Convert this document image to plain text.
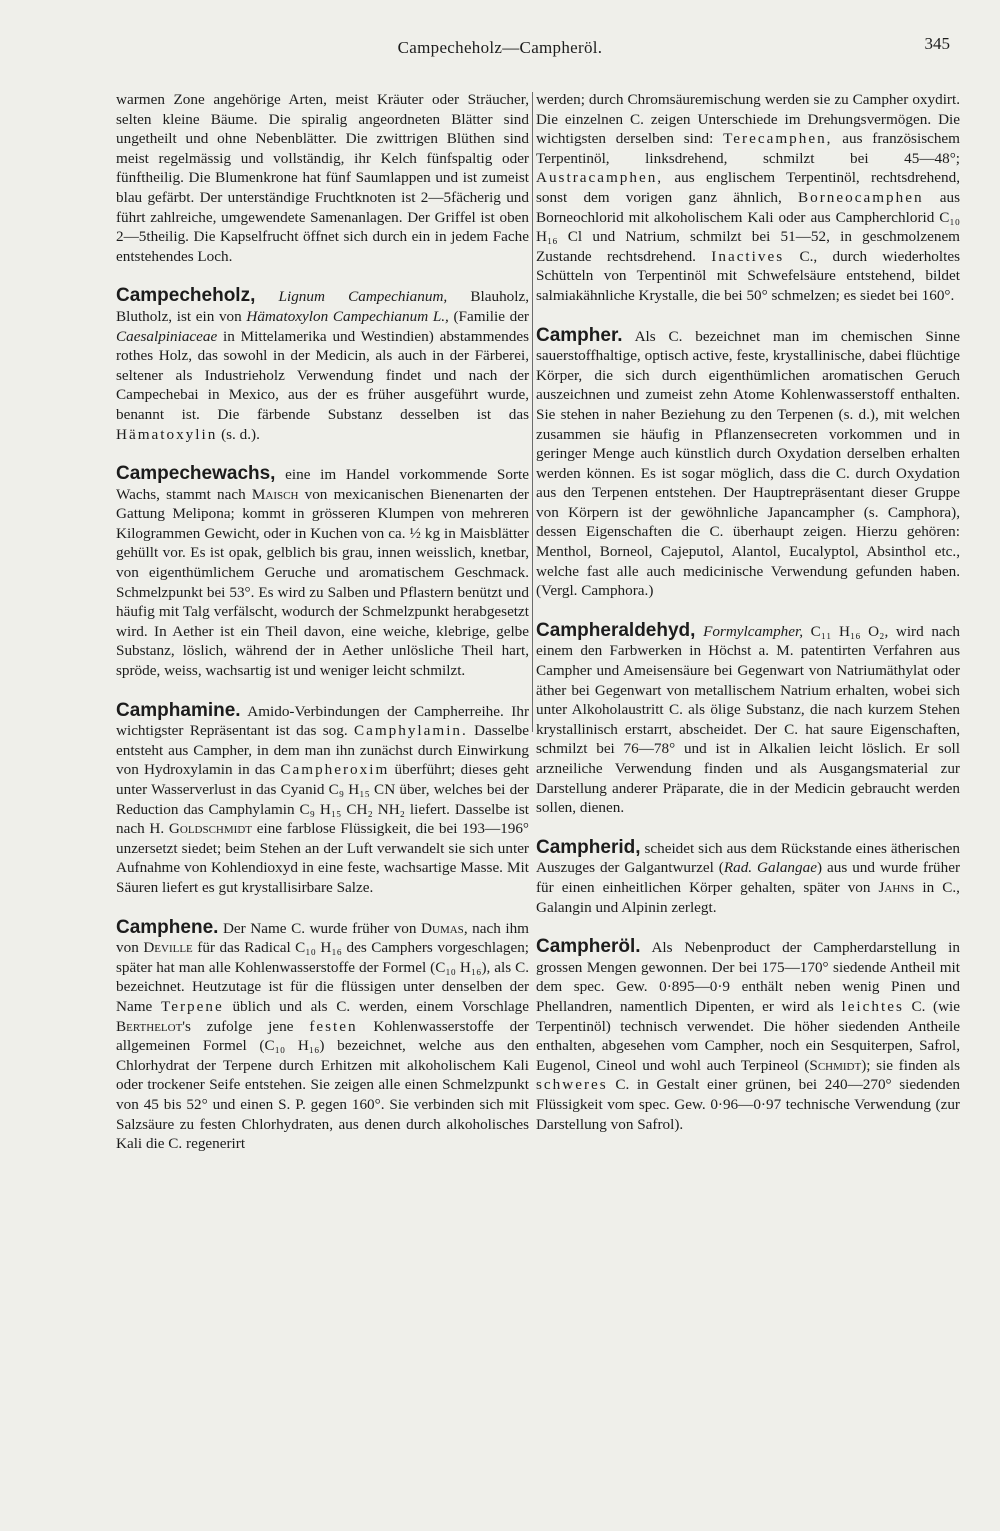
Campecheholz—Campheröl.	345

warmen Zone angehörige Arten, meist Kräuter oder Sträucher, selten kleine Bäume. Die spiralig angeordneten Blätter sind ungetheilt und ohne Nebenblätter. Die zwittrigen Blüthen sind meist regelmässig und vollständig, ihr Kelch fünfspaltig oder fünftheilig. Die Blumenkrone hat fünf Saumlappen und ist zumeist blau gefärbt. Der unterständige Fruchtknoten ist 2—5fächerig und führt zahlreiche, umgewendete Samenanlagen. Der Griffel ist oben 2—5theilig. Die Kapselfrucht öffnet sich durch ein in jedem Fache entstehendes Loch.

Campecheholz, Lignum Campechianum, Blauholz, Blutholz, ist ein von Hämatoxylon Campechianum L., (Familie der Caesalpiniaceae in Mittelamerika und Westindien) abstammendes rothes Holz, das sowohl in der Medicin, als auch in der Färberei, seltener als Industrieholz Verwendung findet und nach der Campechebai in Mexico, aus der es früher ausgeführt wurde, benannt ist. Die färbende Substanz desselben ist das Hämatoxylin (s. d.).

Campechewachs, eine im Handel vorkommende Sorte Wachs, stammt nach Maisch von mexicanischen Bienenarten der Gattung Melipona; kommt in grösseren Klumpen von mehreren Kilogrammen Gewicht, oder in Kuchen von ca. ½ kg in Maisblätter gehüllt vor. Es ist opak, gelblich bis grau, innen weisslich, knetbar, von eigenthümlichem Geruche und aromatischem Geschmack. Schmelzpunkt bei 53°. Es wird zu Salben und Pflastern benützt und häufig mit Talg verfälscht, wodurch der Schmelzpunkt herabgesetzt wird. In Aether ist ein Theil davon, eine weiche, klebrige, gelbe Substanz, löslich, während der in Aether unlösliche Theil hart, spröde, weiss, wachsartig ist und weniger leicht schmilzt.

Camphamine. Amido-Verbindungen der Campherreihe. Ihr wichtigster Repräsentant ist das sog. Camphylamin. Dasselbe entsteht aus Campher, in dem man ihn zunächst durch Einwirkung von Hydroxylamin in das Campheroxim überführt; dieses geht unter Wasserverlust in das Cyanid C₉ H₁₅ CN über, welches bei der Reduction das Camphylamin C₉ H₁₅ CH₂ NH₂ liefert. Dasselbe ist nach H. Goldschmidt eine farblose Flüssigkeit, die bei 193—196° unzersetzt siedet; beim Stehen an der Luft verwandelt sie sich unter Aufnahme von Kohlendioxyd in eine feste, wachsartige Masse. Mit Säuren liefert es gut krystallisirbare Salze.

Camphene. Der Name C. wurde früher von Dumas, nach ihm von Deville für das Radical C₁₀ H₁₆ des Camphers vorgeschlagen; später hat man alle Kohlenwasserstoffe der Formel (C₁₀ H₁₆), als C. bezeichnet. Heutzutage ist für die flüssigen unter denselben der Name Terpene üblich und als C. werden, einem Vorschlage Berthelot's zufolge jene festen Kohlenwasserstoffe der allgemeinen Formel (C₁₀ H₁₆) bezeichnet, welche aus den Chlorhydrat der Terpene durch Erhitzen mit alkoholischem Kali oder trockener Seife entstehen. Sie zeigen alle einen Schmelzpunkt von 45 bis 52° und einen S. P. gegen 160°. Sie verbinden sich mit Salzsäure zu festen Chlorhydraten, aus denen durch alkoholisches Kali die C. regenerirt

werden; durch Chromsäuremischung werden sie zu Campher oxydirt. Die einzelnen C. zeigen Unterschiede im Drehungsvermögen. Die wichtigsten derselben sind: Terecamphen, aus französischem Terpentinöl, linksdrehend, schmilzt bei 45—48°; Austracamphen, aus englischem Terpentinöl, rechtsdrehend, sonst dem vorigen ganz ähnlich, Borneocamphen aus Borneochlorid mit alkoholischem Kali oder aus Campherchlorid C₁₀ H₁₆ Cl und Natrium, schmilzt bei 51—52, in geschmolzenem Zustande rechtsdrehend. Inactives C., durch wiederholtes Schütteln von Terpentinöl mit Schwefelsäure entstehend, bildet salmiakähnliche Krystalle, die bei 50° schmelzen; es siedet bei 160°.

Campher. Als C. bezeichnet man im chemischen Sinne sauerstoffhaltige, optisch active, feste, krystallinische, dabei flüchtige Körper, die sich durch eigenthümlichen aromatischen Geruch auszeichnen und zumeist zehn Atome Kohlenwasserstoff enthalten. Sie stehen in naher Beziehung zu den Terpenen (s. d.), mit welchen zusammen sie häufig in Pflanzensecreten vorkommen und in geringer Menge auch künstlich durch Oxydation derselben erhalten werden können. Es ist sogar möglich, dass die C. durch Oxydation aus den Terpenen entstehen. Der Hauptrepräsentant dieser Gruppe von Körpern ist der gewöhnliche Japancampher (s. Camphora), dessen Eigenschaften die C. überhaupt zeigen. Hierzu gehören: Menthol, Borneol, Cajeputol, Alantol, Eucalyptol, Absinthol etc., welche fast alle auch medicinische Verwendung gefunden haben. (Vergl. Camphora.)

Campheraldehyd, Formylcampher, C₁₁ H₁₆ O₂, wird nach einem den Farbwerken in Höchst a. M. patentirten Verfahren aus Campher und Ameisensäure bei Gegenwart von Natriumäthylat oder äther bei Gegenwart von metallischem Natrium erhalten, wobei sich unter Alkoholaustritt C. als ölige Substanz, die nach kurzem Stehen krystallinisch erstarrt, abscheidet. Der C. hat saure Eigenschaften, schmilzt bei 76—78° und ist in Alkalien leicht löslich. Er soll arzneiliche Verwendung finden und als Ausgangsmaterial zur Darstellung anderer Präparate, die in der Medicin gebraucht werden sollen, dienen.

Campherid, scheidet sich aus dem Rückstande eines ätherischen Auszuges der Galgantwurzel (Rad. Galangae) aus und wurde früher für einen einheitlichen Körper gehalten, später von Jahns in C., Galangin und Alpinin zerlegt.

Campheröl. Als Nebenproduct der Campherdarstellung in grossen Mengen gewonnen. Der bei 175—170° siedende Antheil mit dem spec. Gew. 0·895—0·9 enthält neben wenig Pinen und Phellandren, namentlich Dipenten, er wird als leichtes C. (wie Terpentinöl) technisch verwendet. Die höher siedenden Antheile enthalten, abgesehen vom Campher, noch ein Sesquiterpen, Safrol, Eugenol, Cineol und wohl auch Terpineol (Schmidt); sie finden als schweres C. in Gestalt einer grünen, bei 240—270° siedenden Flüssigkeit vom spec. Gew. 0·96—0·97 technische Verwendung (zur Darstellung von Safrol).
